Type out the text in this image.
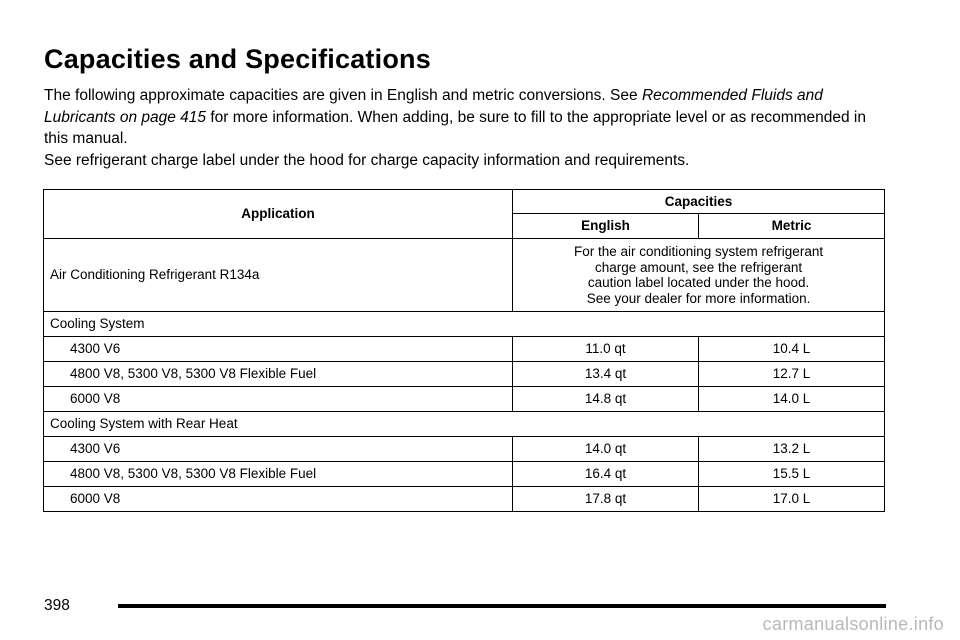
Capacities and Specifications

The following approximate capacities are given in English and metric conversions. See Recommended Fluids and Lubricants on page 415 for more information. When adding, be sure to fill to the appropriate level or as recommended in this manual.

See refrigerant charge label under the hood for charge capacity information and requirements.

Application	Capacities	
	English	Metric
Air Conditioning Refrigerant R134a	For the air conditioning system refrigerant
charge amount, see the refrigerant
caution label located under the hood.
See your dealer for more information.	

Cooling System		
4300 V6	11.0 qt	10.4 L
4800 V8, 5300 V8, 5300 V8 Flexible Fuel	13.4 qt	12.7 L
6000 V8	14.8 qt	14.0 L
Cooling System with Rear Heat		
4300 V6	14.0 qt	13.2 L
4800 V8, 5300 V8, 5300 V8 Flexible Fuel	16.4 qt	15.5 L
6000 V8	17.8 qt	17.0 L
398
carmanualsonline.info
